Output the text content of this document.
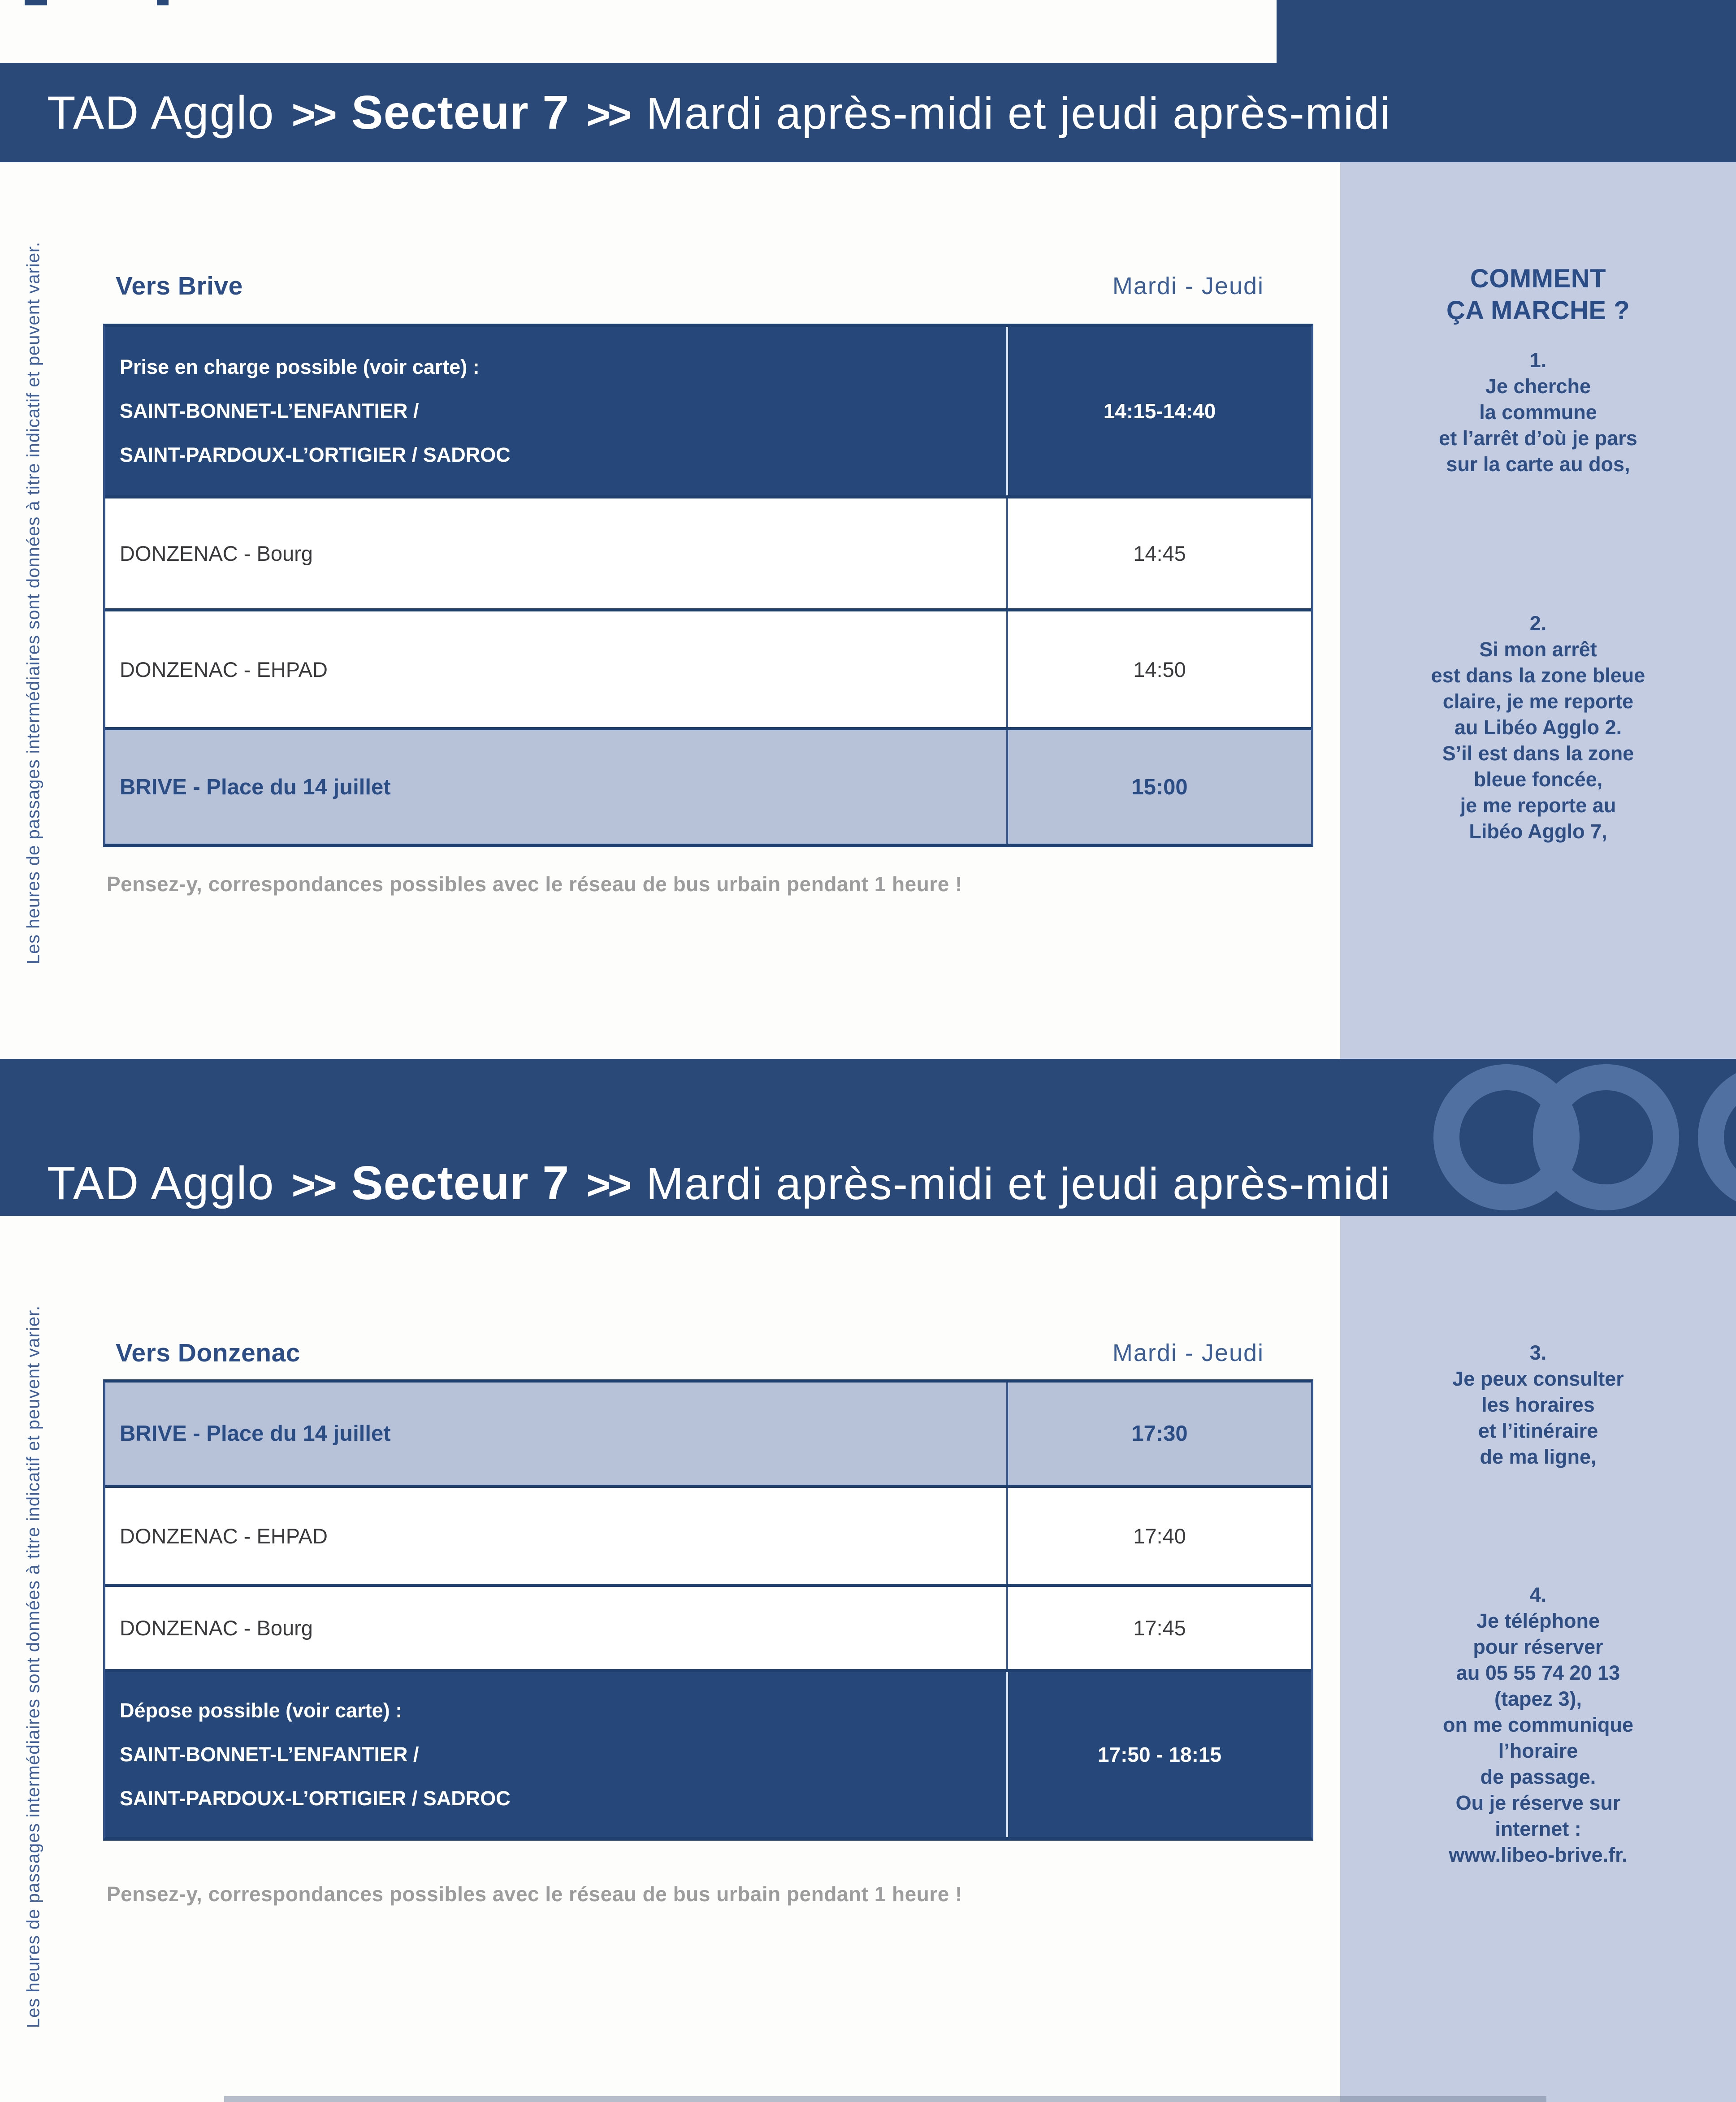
Les heures de passages intermédiaires sont données à titre indicatif et peuvent varier.
Les heures de passages intermédiaires sont données à titre indicatif et peuvent varier.
COMMENT
ÇA MARCHE ?
1.
Je cherche
la commune
et l’arrêt d’où je pars
sur la carte au dos,
2.
Si mon arrêt
est dans la zone bleue
claire, je me reporte
au Libéo Agglo 2.
S’il est dans la zone
bleue foncée,
je me reporte au
Libéo Agglo 7,
3.
Je peux consulter
les horaires
et l’itinéraire
de ma ligne,
4.
Je téléphone
pour réserver
au 05 55 74 20 13
(tapez 3),
on me communique
l’horaire
de passage.
Ou je réserve sur
internet :
www.libeo-brive.fr.
TAD Agglo >> Secteur 7 >> Mardi après-midi et jeudi après-midi
Vers Brive	Mardi - Jeudi
Prise en charge possible (voir carte) :
SAINT-BONNET-L’ENFANTIER /
SAINT-PARDOUX-L’ORTIGIER / SADROC
14:15-14:40
DONZENAC - Bourg	14:45
DONZENAC - EHPAD	14:50
BRIVE - Place du 14 juillet	15:00
Pensez-y, correspondances possibles avec le réseau de bus urbain pendant 1 heure !
TAD Agglo >> Secteur 7 >> Mardi après-midi et jeudi après-midi
Vers Donzenac	Mardi - Jeudi
BRIVE - Place du 14 juillet	17:30
DONZENAC - EHPAD	17:40
DONZENAC - Bourg	17:45
Dépose possible (voir carte) :
SAINT-BONNET-L’ENFANTIER /
SAINT-PARDOUX-L’ORTIGIER / SADROC
17:50 - 18:15
Pensez-y, correspondances possibles avec le réseau de bus urbain pendant 1 heure !
